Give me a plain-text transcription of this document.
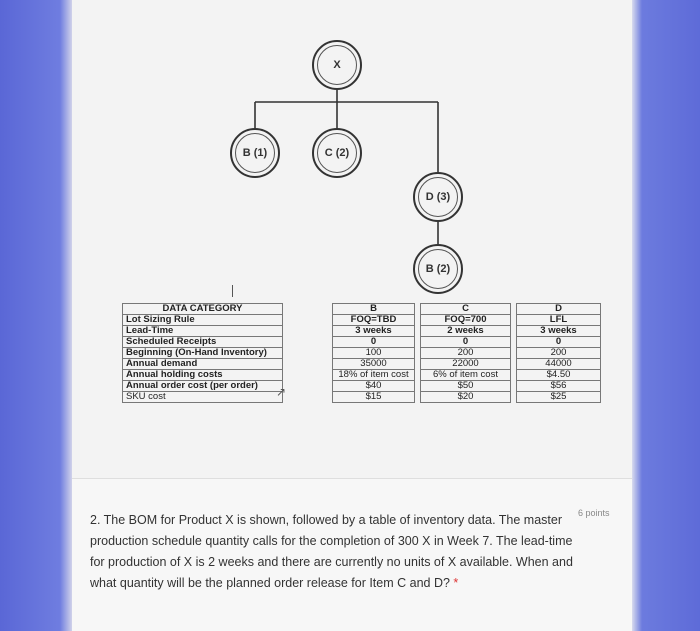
X
B (1)	C (2)
D (3)
B (2)
DATA CATEGORY		B		C		D
Lot Sizing Rule		FOQ=TBD		FOQ=700		LFL
Lead-Time		3 weeks		2 weeks		3 weeks
Scheduled Receipts		0		0		0
Beginning (On-Hand Inventory)		100		200		200
Annual demand		35000		22000		44000
Annual holding costs		18% of item cost		6% of item cost		$4.50
Annual order cost (per order)		$40		$50		$56
SKU cost		$15		$20		$25
↗
2. The BOM for Product X is shown, followed by a table of inventory data. The master production schedule quantity calls for the completion of 300 X in Week 7. The lead-time for production of X is 2 weeks and there are currently no units of X available. When and what quantity will be the planned order release for Item C and D? *
6 points
